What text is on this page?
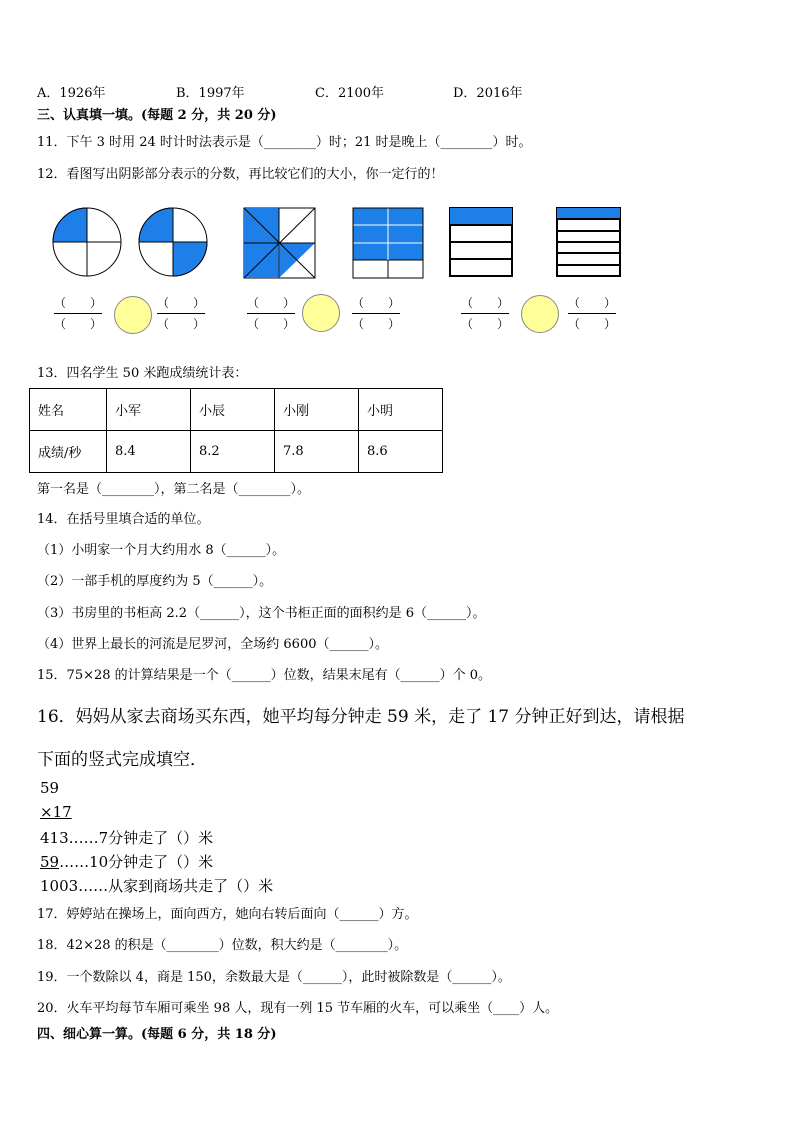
A．1926年	B．1997年	C．2100年	D．2016年
三、认真填一填。(每题 2 分，共 20 分)
11．下午 3 时用 24 时计时法表示是（________）时；21 时是晚上（________）时。
12．看图写出阴影部分表示的分数，再比较它们的大小，你一定行的！
（　　）
（　　）
（　　）
（　　）
（　　）
（　　）
（　　）
（　　）
（　　）
（　　）
（　　）
（　　）
13．四名学生 50 米跑成绩统计表：
姓名	小军	小辰	小刚	小明
成绩/秒	8.4	8.2	7.8	8.6
第一名是（________），第二名是（________）。
14．在括号里填合适的单位。
（1）小明家一个月大约用水 8（______）。
（2）一部手机的厚度约为 5（______）。
（3）书房里的书柜高 2.2（______），这个书柜正面的面积约是 6（______）。
（4）世界上最长的河流是尼罗河，全场约 6600（______）。
15．75×28 的计算结果是一个（______）位数，结果末尾有（______）个 0。
16．妈妈从家去商场买东西，她平均每分钟走 59 米，走了 17 分钟正好到达，请根据
下面的竖式完成填空．
59
×17
413……7分钟走了（）米
59……10分钟走了（）米
1003……从家到商场共走了（）米
17．婷婷站在操场上，面向西方，她向右转后面向（______）方。
18．42×28 的积是（________）位数，积大约是（________）。
19．一个数除以 4，商是 150，余数最大是（______），此时被除数是（______）。
20．火车平均每节车厢可乘坐 98 人，现有一列 15 节车厢的火车，可以乘坐（____）人。
四、细心算一算。(每题 6 分，共 18 分)
